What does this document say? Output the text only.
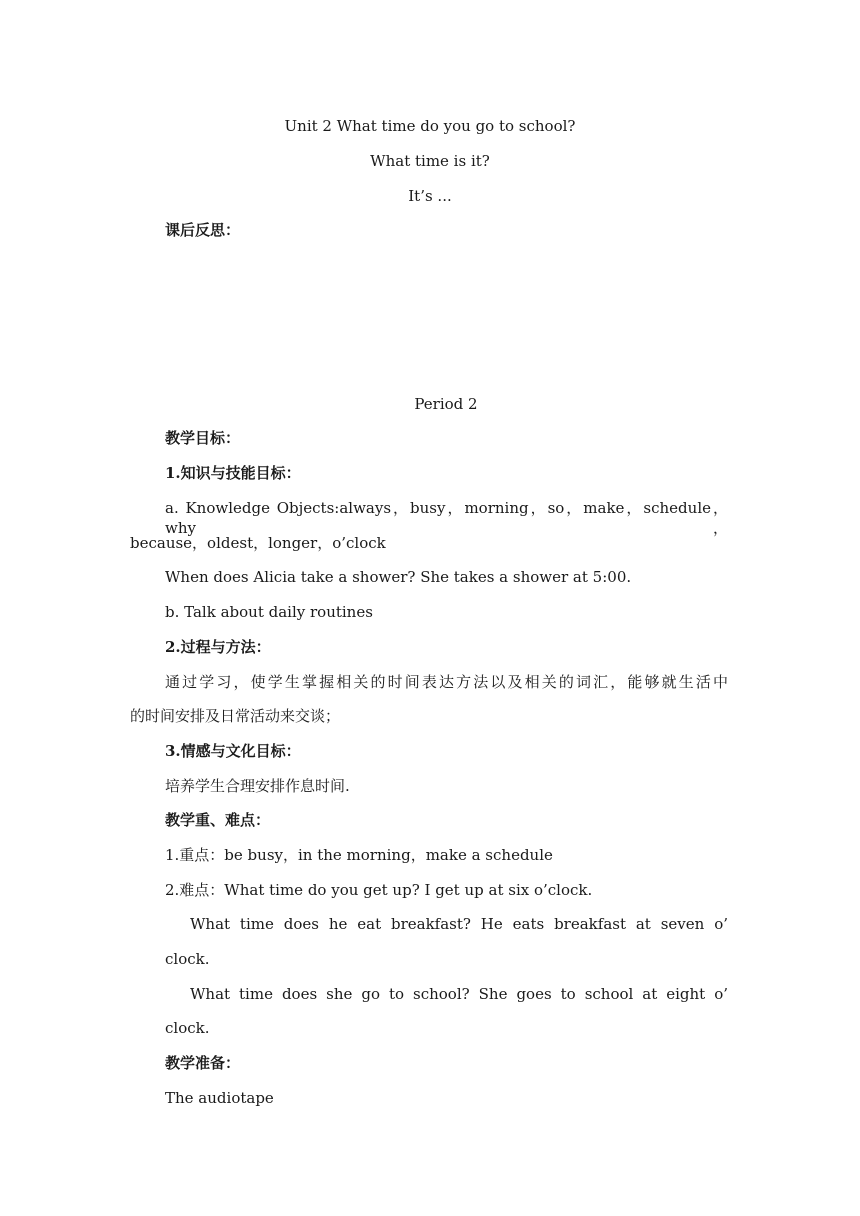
Unit 2 What time do you go to school?
What time is it?
It’s ...
课后反思：
Period 2
教学目标：
1.知识与技能目标：
a. Knowledge Objects:always，busy，morning，so，make，schedule，why，
because，oldest，longer，o’clock
When does Alicia take a shower? She takes a shower at 5:00.
b. Talk about daily routines
2.过程与方法：
通过学习，使学生掌握相关的时间表达方法以及相关的词汇，能够就生活中
的时间安排及日常活动来交谈；
3.情感与文化目标：
培养学生合理安排作息时间.
教学重、难点：
1.重点：be busy，in the morning，make a schedule
2.难点：What time do you get up? I get up at six o’clock.
What time does he eat breakfast? He eats breakfast at seven o’
clock.
What time does she go to school? She goes to school at eight o’
clock.
教学准备：
The audiotape
